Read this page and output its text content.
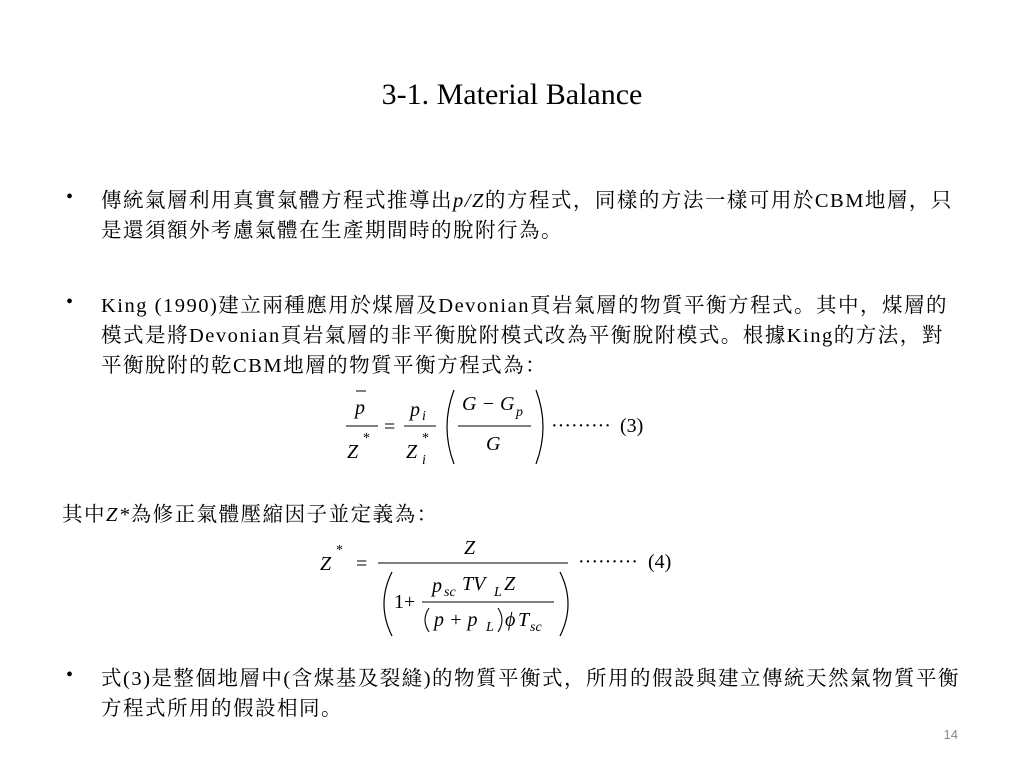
3-1. Material Balance
• 傳統氣層利用真實氣體方程式推導出p/Z的方程式，同樣的方法一樣可用於CBM地層，只是還須額外考慮氣體在生產期間時的脫附行為。
• King (1990)建立兩種應用於煤層及Devonian頁岩氣層的物質平衡方程式。其中，煤層的模式是將Devonian頁岩氣層的非平衡脫附模式改為平衡脫附模式。根據King的方法，對平衡脫附的乾CBM地層的物質平衡方程式為：
p
Z
*
=
p i
Z
*
i
G − G p
G
········· (3)
其中Z*為修正氣體壓縮因子並定義為：
Z
*
=
Z
1+
p sc TV L Z
p + p L ϕ T sc
········· (4)
• 式(3)是整個地層中(含煤基及裂縫)的物質平衡式，所用的假設與建立傳統天然氣物質平衡方程式所用的假設相同。
14
